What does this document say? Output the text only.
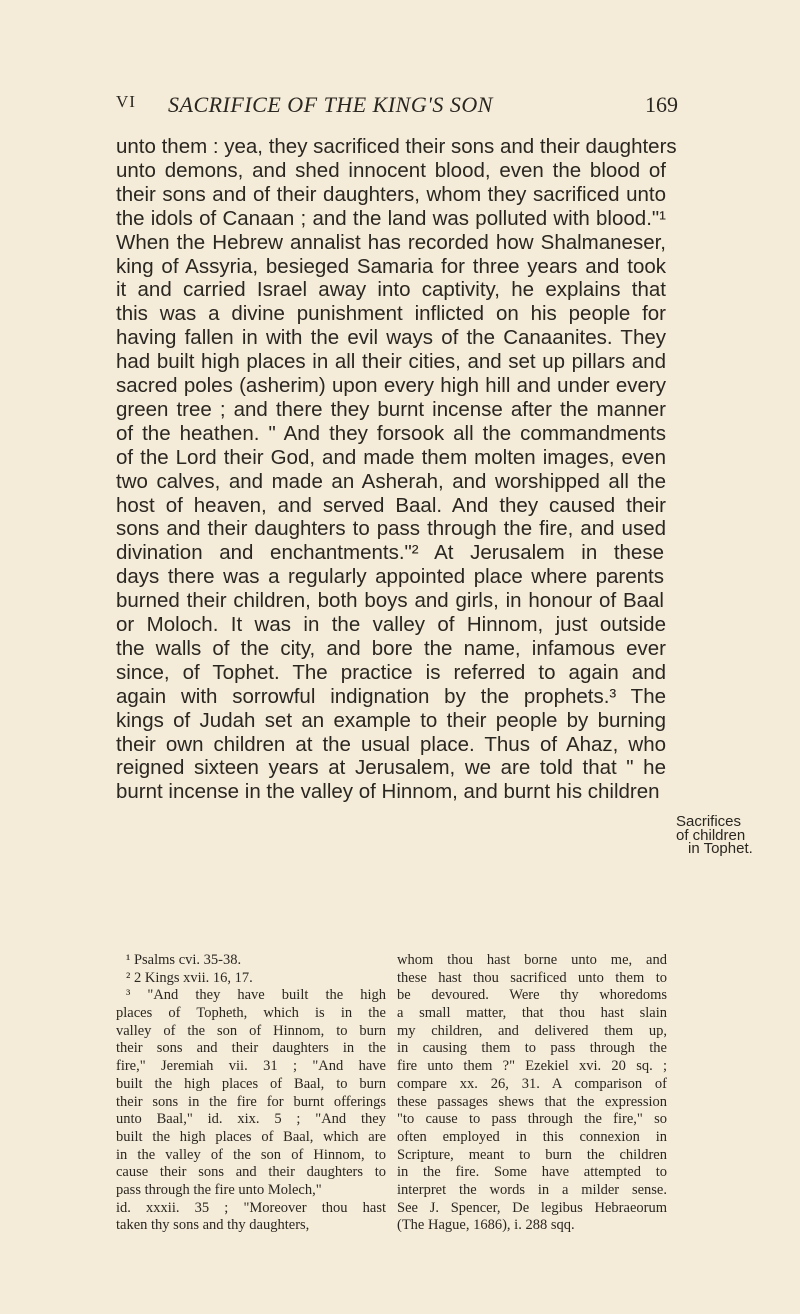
VI SACRIFICE OF THE KING'S SON	169
unto them : yea, they sacrificed their sons and their daughters
unto demons, and shed innocent blood, even the blood of
their sons and of their daughters, whom they sacrificed unto
the idols of Canaan ; and the land was polluted with blood."¹
When the Hebrew annalist has recorded how Shalmaneser,
king of Assyria, besieged Samaria for three years and took
it and carried Israel away into captivity, he explains that
this was a divine punishment inflicted on his people for
having fallen in with the evil ways of the Canaanites. They
had built high places in all their cities, and set up pillars and
sacred poles (asherim) upon every high hill and under every
green tree ; and there they burnt incense after the manner
of the heathen. " And they forsook all the commandments
of the Lord their God, and made them molten images, even
two calves, and made an Asherah, and worshipped all the
host of heaven, and served Baal. And they caused their
sons and their daughters to pass through the fire, and used
divination and enchantments."² At Jerusalem in these
days there was a regularly appointed place where parents
burned their children, both boys and girls, in honour of Baal
or Moloch. It was in the valley of Hinnom, just outside
the walls of the city, and bore the name, infamous ever
since, of Tophet. The practice is referred to again and
again with sorrowful indignation by the prophets.³ The
kings of Judah set an example to their people by burning
their own children at the usual place. Thus of Ahaz, who
reigned sixteen years at Jerusalem, we are told that " he
burnt incense in the valley of Hinnom, and burnt his children
Sacrifices
of children
in Tophet.
¹ Psalms cvi. 35-38.
² 2 Kings xvii. 16, 17.
³ "And they have built the high
places of Topheth, which is in the
valley of the son of Hinnom, to burn
their sons and their daughters in the
fire," Jeremiah vii. 31 ; "And have
built the high places of Baal, to burn
their sons in the fire for burnt offerings
unto Baal," id. xix. 5 ; "And they
built the high places of Baal, which are
in the valley of the son of Hinnom, to
cause their sons and their daughters to
pass through the fire unto Molech,"
id. xxxii. 35 ; "Moreover thou hast
taken thy sons and thy daughters,
whom thou hast borne unto me, and
these hast thou sacrificed unto them to
be devoured. Were thy whoredoms
a small matter, that thou hast slain
my children, and delivered them up,
in causing them to pass through the
fire unto them ?" Ezekiel xvi. 20 sq. ;
compare xx. 26, 31. A comparison of
these passages shews that the expression
"to cause to pass through the fire," so
often employed in this connexion in
Scripture, meant to burn the children
in the fire. Some have attempted to
interpret the words in a milder sense.
See J. Spencer, De legibus Hebraeorum
(The Hague, 1686), i. 288 sqq.
